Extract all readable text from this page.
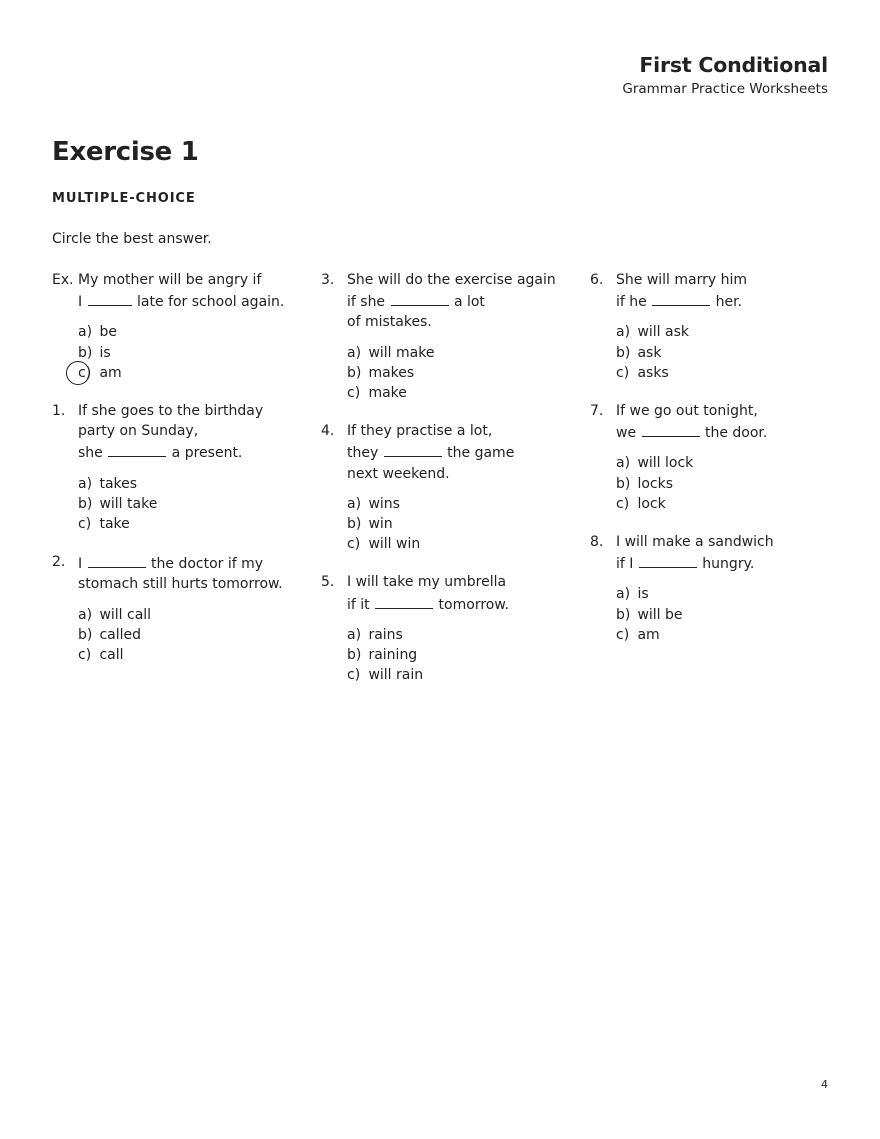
First Conditional
Grammar Practice Worksheets
Exercise 1
MULTIPLE-CHOICE
Circle the best answer.
Ex. My mother will be angry if
I	late for school again.
a) be
b) is
c) am
1. If she goes to the birthday
party on Sunday,
she	a present.
a) takes
b) will take
c) take
2. I	the doctor if my
stomach still hurts tomorrow.
a) will call
b) called
c) call
3. She will do the exercise again
if she	a lot
of mistakes.
a) will make
b) makes
c) make
4. If they practise a lot,
they	the game
next weekend.
a) wins
b) win
c) will win
5. I will take my umbrella
if it	tomorrow.
a) rains
b) raining
c) will rain
6. She will marry him
if he	her.
a) will ask
b) ask
c) asks
7. If we go out tonight,
we	the door.
a) will lock
b) locks
c) lock
8. I will make a sandwich
if I	hungry.
a) is
b) will be
c) am
4
